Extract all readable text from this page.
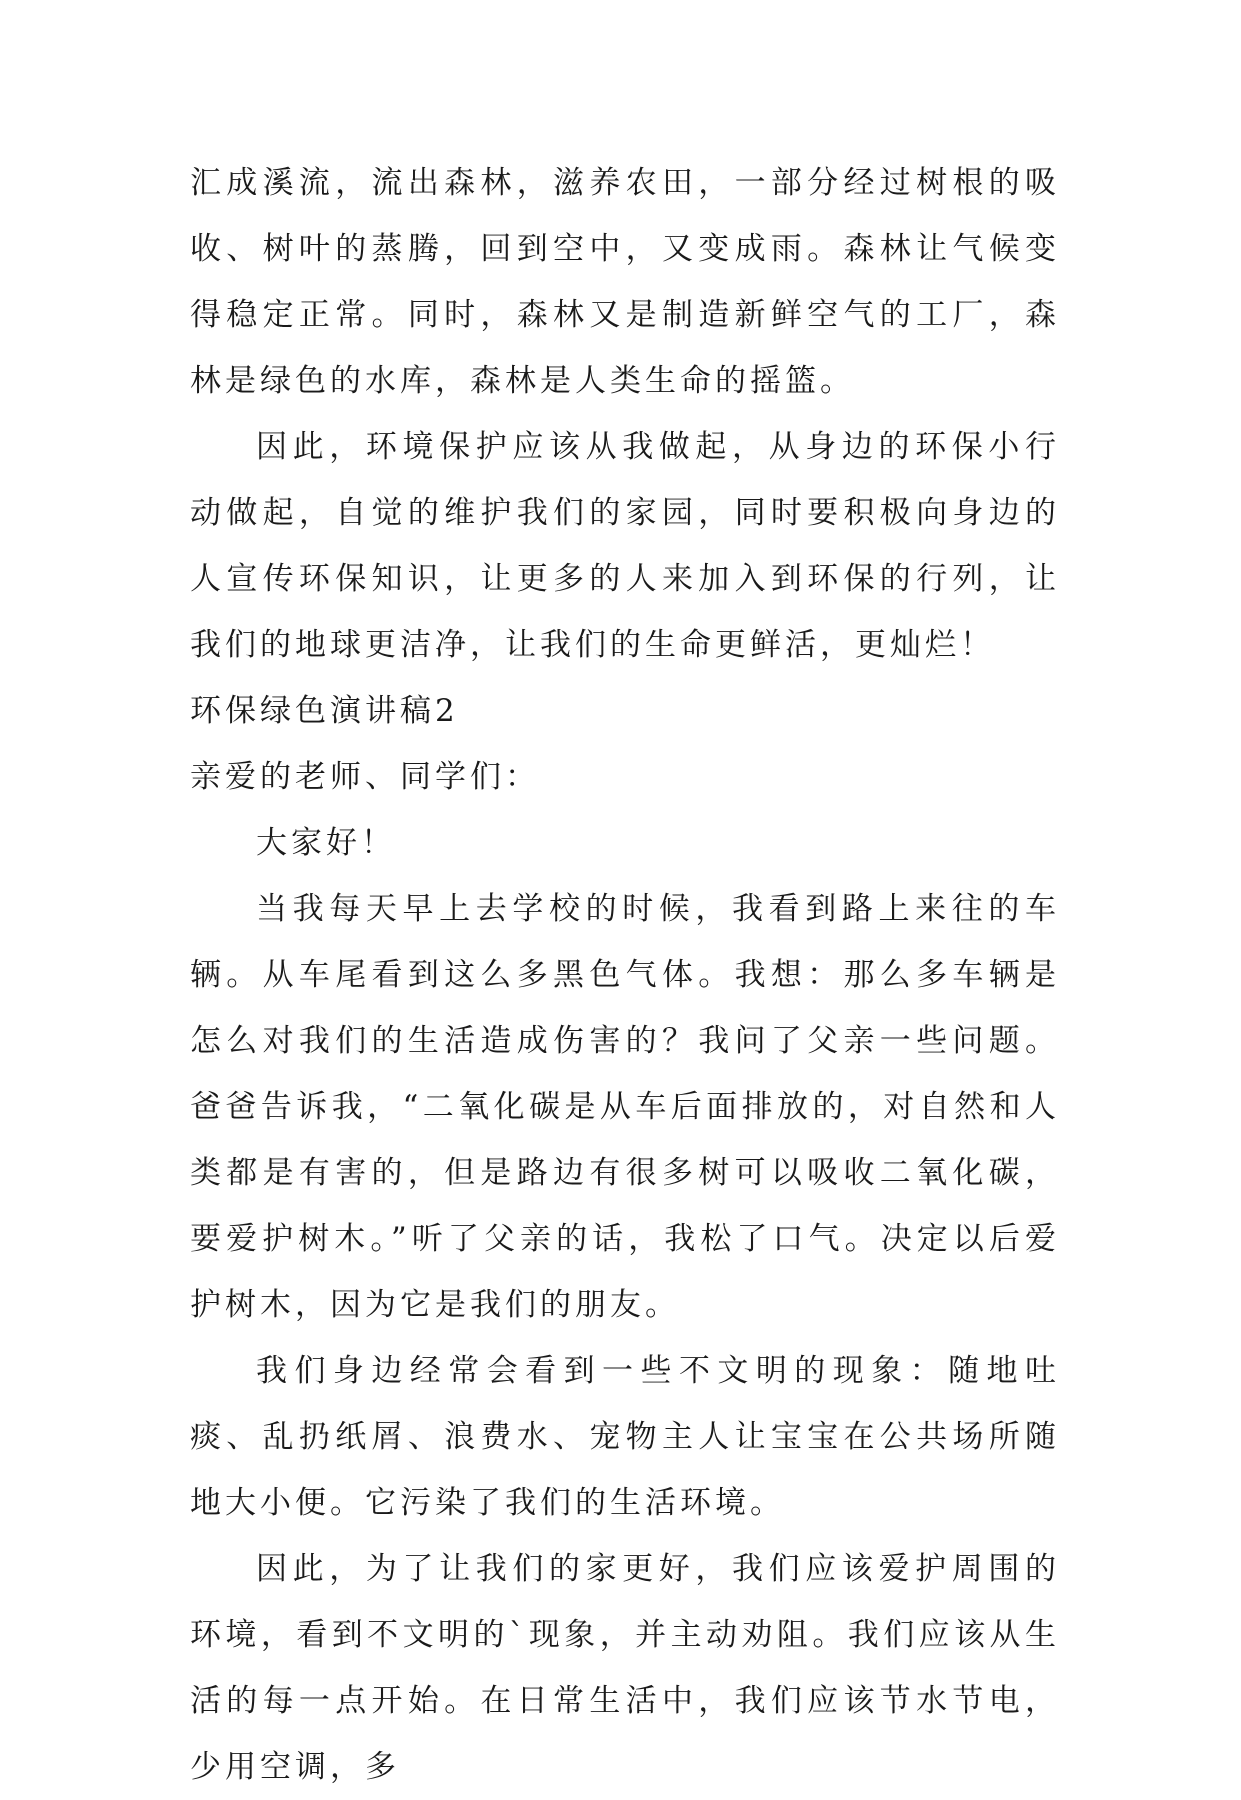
汇成溪流，流出森林，滋养农田，一部分经过树根的吸收、树叶的蒸腾，回到空中，又变成雨。森林让气候变得稳定正常。同时，森林又是制造新鲜空气的工厂，森林是绿色的水库，森林是人类生命的摇篮。

因此，环境保护应该从我做起，从身边的环保小行动做起，自觉的维护我们的家园，同时要积极向身边的人宣传环保知识，让更多的人来加入到环保的行列，让我们的地球更洁净，让我们的生命更鲜活，更灿烂！

环保绿色演讲稿2

亲爱的老师、同学们：

大家好！

当我每天早上去学校的时候，我看到路上来往的车辆。从车尾看到这么多黑色气体。我想：那么多车辆是怎么对我们的生活造成伤害的？我问了父亲一些问题。爸爸告诉我，“二氧化碳是从车后面排放的，对自然和人类都是有害的，但是路边有很多树可以吸收二氧化碳，要爱护树木。”听了父亲的话，我松了口气。决定以后爱护树木，因为它是我们的朋友。

我们身边经常会看到一些不文明的现象：随地吐痰、乱扔纸屑、浪费水、宠物主人让宝宝在公共场所随地大小便。它污染了我们的生活环境。

因此，为了让我们的家更好，我们应该爱护周围的环境，看到不文明的`现象，并主动劝阻。我们应该从生活的每一点开始。在日常生活中，我们应该节水节电，少用空调，多
